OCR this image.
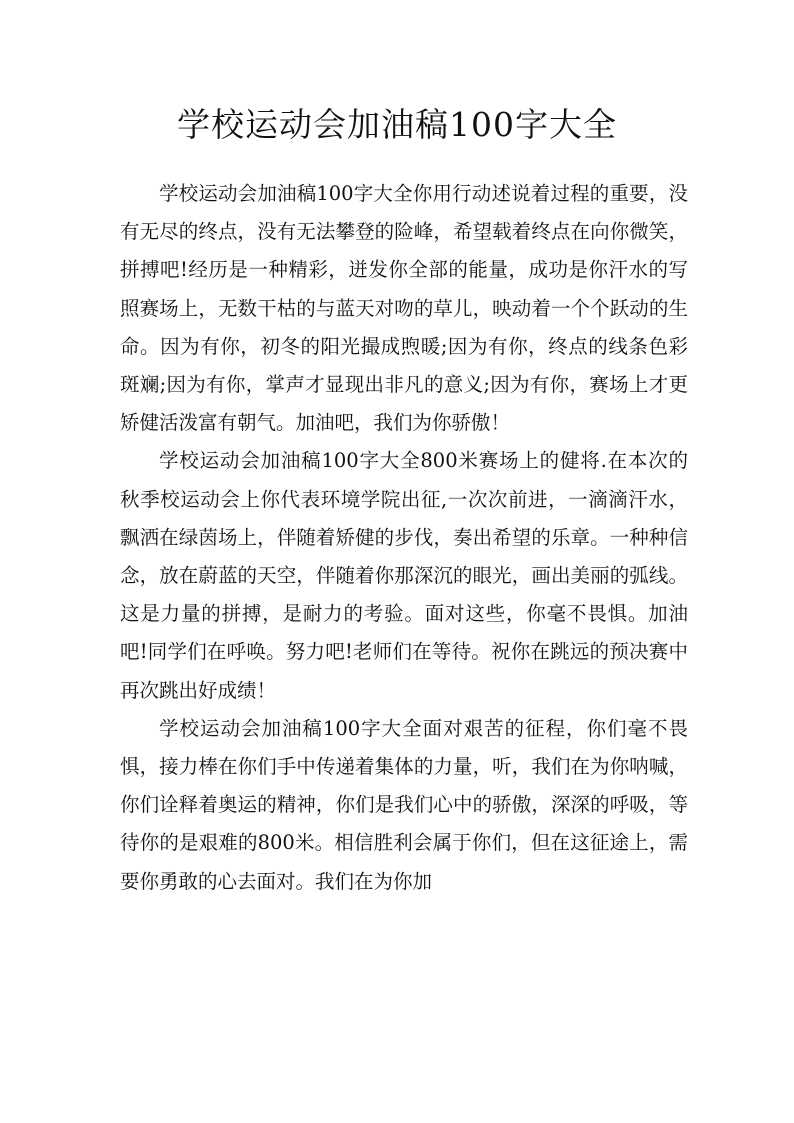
学校运动会加油稿100字大全

学校运动会加油稿100字大全你用行动述说着过程的重要，没有无尽的终点，没有无法攀登的险峰，希望载着终点在向你微笑，拼搏吧!经历是一种精彩，迸发你全部的能量，成功是你汗水的写照赛场上，无数干枯的与蓝天对吻的草儿，映动着一个个跃动的生命。因为有你，初冬的阳光撮成煦暖;因为有你，终点的线条色彩斑斓;因为有你，掌声才显现出非凡的意义;因为有你，赛场上才更矫健活泼富有朝气。加油吧，我们为你骄傲！

学校运动会加油稿100字大全800米赛场上的健将.在本次的秋季校运动会上你代表环境学院出征,一次次前进，一滴滴汗水，飘洒在绿茵场上，伴随着矫健的步伐，奏出希望的乐章。一种种信念，放在蔚蓝的天空，伴随着你那深沉的眼光，画出美丽的弧线。这是力量的拼搏，是耐力的考验。面对这些，你毫不畏惧。加油吧!同学们在呼唤。努力吧!老师们在等待。祝你在跳远的预决赛中再次跳出好成绩！

学校运动会加油稿100字大全面对艰苦的征程，你们毫不畏惧，接力棒在你们手中传递着集体的力量，听，我们在为你呐喊，你们诠释着奥运的精神，你们是我们心中的骄傲，深深的呼吸，等待你的是艰难的800米。相信胜利会属于你们，但在这征途上，需要你勇敢的心去面对。我们在为你加
